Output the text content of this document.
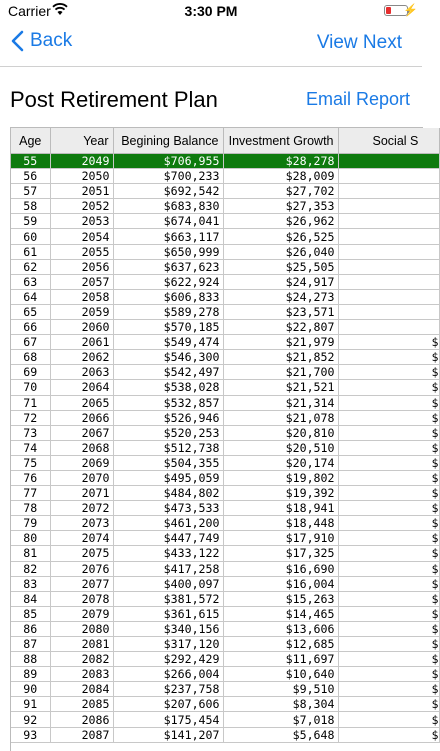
Carrier	3:30 PM	⚡
Back	View Next
Post Retirement Plan	Email Report
Age	Year	Begining Balance	Investment Growth	Social S
55	2049	$706,955	$28,278	
56	2050	$700,233	$28,009	
57	2051	$692,542	$27,702	
58	2052	$683,830	$27,353	
59	2053	$674,041	$26,962	
60	2054	$663,117	$26,525	
61	2055	$650,999	$26,040	
62	2056	$637,623	$25,505	
63	2057	$622,924	$24,917	
64	2058	$606,833	$24,273	
65	2059	$589,278	$23,571	
66	2060	$570,185	$22,807	
67	2061	$549,474	$21,979	$
68	2062	$546,300	$21,852	$
69	2063	$542,497	$21,700	$
70	2064	$538,028	$21,521	$
71	2065	$532,857	$21,314	$
72	2066	$526,946	$21,078	$
73	2067	$520,253	$20,810	$
74	2068	$512,738	$20,510	$
75	2069	$504,355	$20,174	$
76	2070	$495,059	$19,802	$
77	2071	$484,802	$19,392	$
78	2072	$473,533	$18,941	$
79	2073	$461,200	$18,448	$
80	2074	$447,749	$17,910	$
81	2075	$433,122	$17,325	$
82	2076	$417,258	$16,690	$
83	2077	$400,097	$16,004	$
84	2078	$381,572	$15,263	$
85	2079	$361,615	$14,465	$
86	2080	$340,156	$13,606	$
87	2081	$317,120	$12,685	$
88	2082	$292,429	$11,697	$
89	2083	$266,004	$10,640	$
90	2084	$237,758	$9,510	$
91	2085	$207,606	$8,304	$
92	2086	$175,454	$7,018	$
93	2087	$141,207	$5,648	$
